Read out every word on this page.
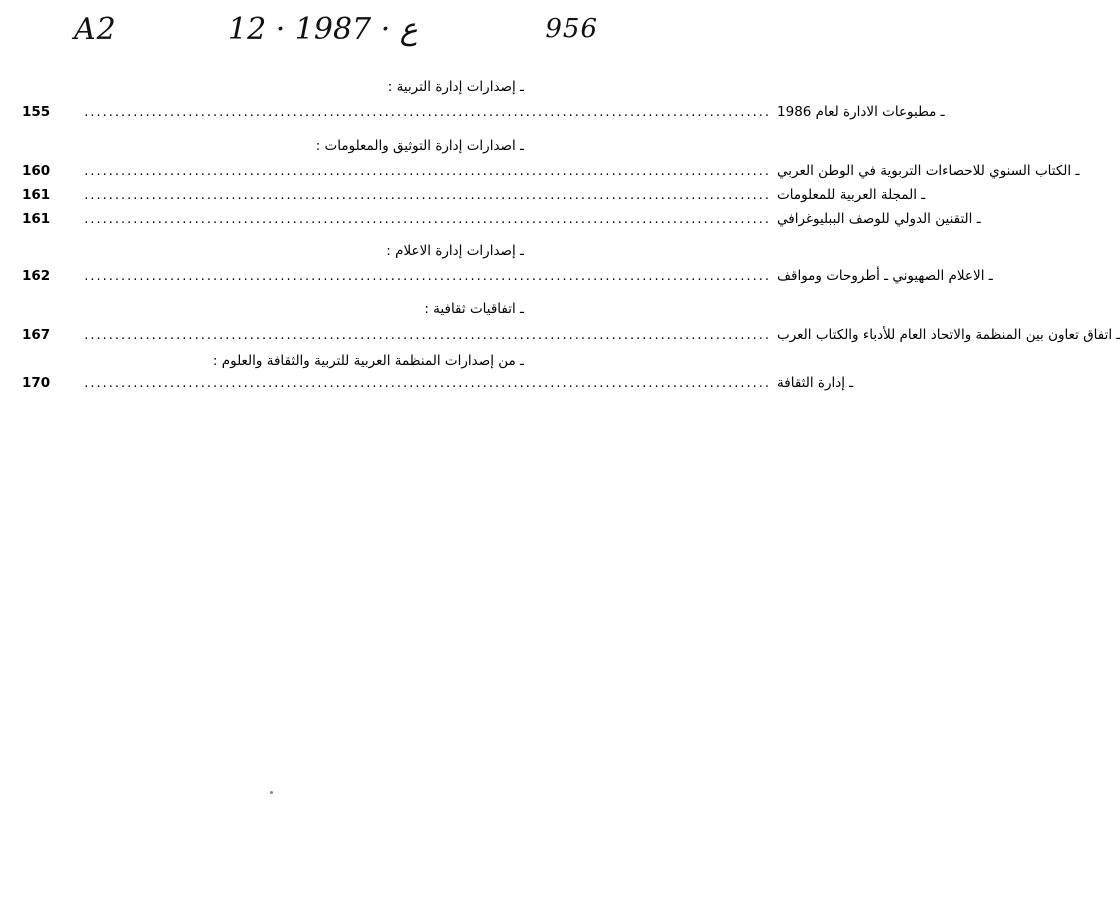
A2	12 · ع · 1987	956
ـ إصدارات إدارة التربية :
155	................................................................................................................ ـ مطبوعات الادارة لعام 1986
ـ اصدارات إدارة التوثيق والمعلومات :
160	................................................................................................................ ـ الكتاب السنوي للاحصاءات التربوية في الوطن العربي
161	................................................................................................................ ـ المجلة العربية للمعلومات
161	................................................................................................................ ـ التقنين الدولي للوصف الببليوغرافي
ـ إصدارات إدارة الاعلام :
162	................................................................................................................ ـ الاعلام الصهيوني ـ أطروحات ومواقف
ـ اتفاقيات ثقافية :
167	................................................................................................................ ـ اتفاق تعاون بين المنظمة والاتحاد العام للأدباء والكتاب العرب
ـ من إصدارات المنظمة العربية للتربية والثقافة والعلوم :
170	................................................................................................................ ـ إدارة الثقافة
